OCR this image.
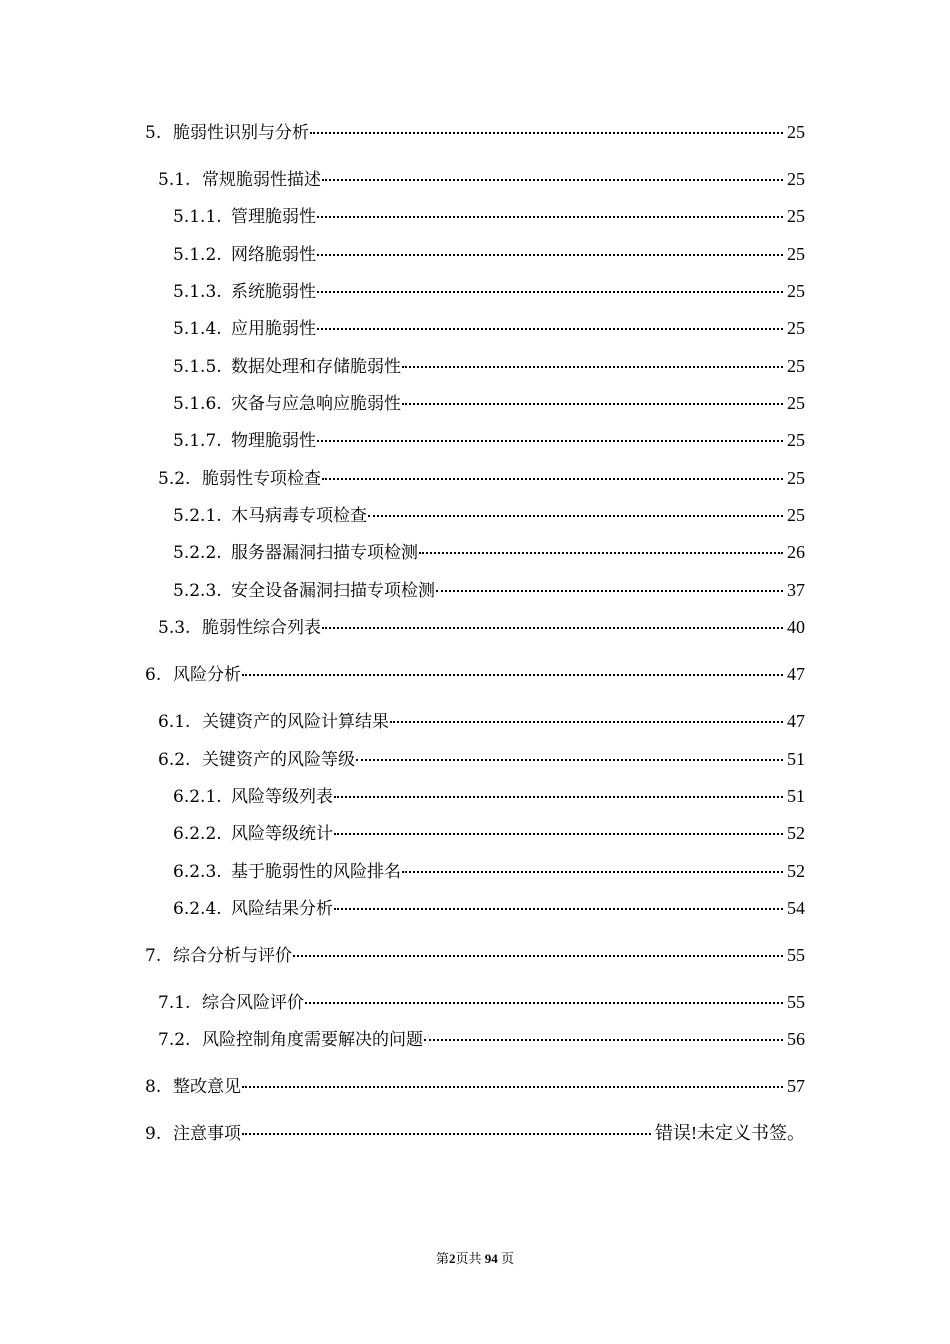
5. 脆弱性识别与分析	25
5.1. 常规脆弱性描述	25
5.1.1. 管理脆弱性	25
5.1.2. 网络脆弱性	25
5.1.3. 系统脆弱性	25
5.1.4. 应用脆弱性	25
5.1.5. 数据处理和存储脆弱性	25
5.1.6. 灾备与应急响应脆弱性	25
5.1.7. 物理脆弱性	25
5.2. 脆弱性专项检查	25
5.2.1. 木马病毒专项检查	25
5.2.2. 服务器漏洞扫描专项检测	26
5.2.3. 安全设备漏洞扫描专项检测	37
5.3. 脆弱性综合列表	40
6. 风险分析	47
6.1. 关键资产的风险计算结果	47
6.2. 关键资产的风险等级	51
6.2.1. 风险等级列表	51
6.2.2. 风险等级统计	52
6.2.3. 基于脆弱性的风险排名	52
6.2.4. 风险结果分析	54
7. 综合分析与评价	55
7.1. 综合风险评价	55
7.2. 风险控制角度需要解决的问题	56
8. 整改意见	57
9. 注意事项	错误!未定义书签。
第2页共 94 页
